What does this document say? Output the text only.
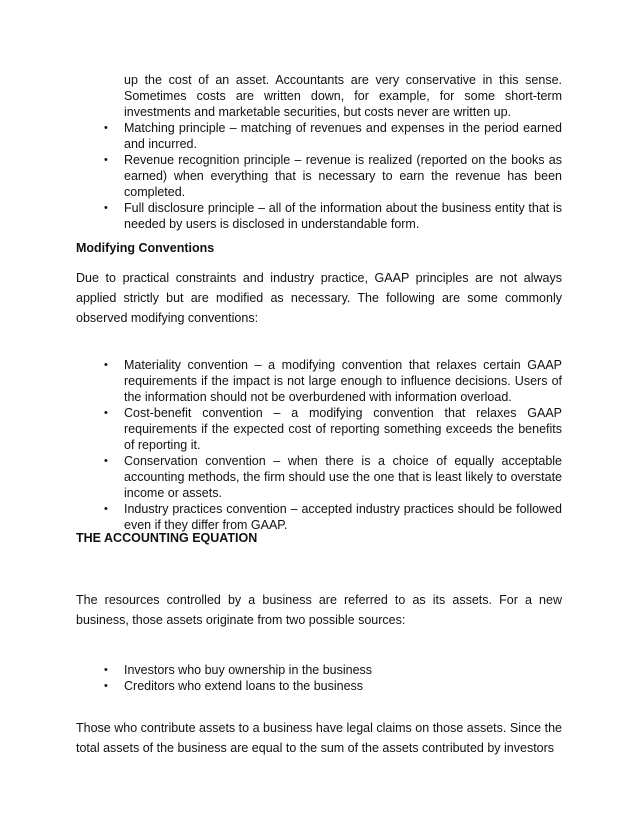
up the cost of an asset. Accountants are very conservative in this sense. Sometimes costs are written down, for example, for some short-term investments and marketable securities, but costs never are written up.
•	Matching principle – matching of revenues and expenses in the period earned and incurred.
•	Revenue recognition principle – revenue is realized (reported on the books as earned) when everything that is necessary to earn the revenue has been completed.
•	Full disclosure principle – all of the information about the business entity that is needed by users is disclosed in understandable form.
Modifying Conventions
Due to practical constraints and industry practice, GAAP principles are not always applied strictly but are modified as necessary. The following are some commonly observed modifying conventions:
•	Materiality convention – a modifying convention that relaxes certain GAAP requirements if the impact is not large enough to influence decisions. Users of the information should not be overburdened with information overload.
•	Cost-benefit convention – a modifying convention that relaxes GAAP requirements if the expected cost of reporting something exceeds the benefits of reporting it.
•	Conservation convention – when there is a choice of equally acceptable accounting methods, the firm should use the one that is least likely to overstate income or assets.
•	Industry practices convention – accepted industry practices should be followed even if they differ from GAAP.
THE ACCOUNTING EQUATION
The resources controlled by a business are referred to as its assets. For a new business, those assets originate from two possible sources:
•	Investors who buy ownership in the business
•	Creditors who extend loans to the business
Those who contribute assets to a business have legal claims on those assets. Since the total assets of the business are equal to the sum of the assets contributed by investors
